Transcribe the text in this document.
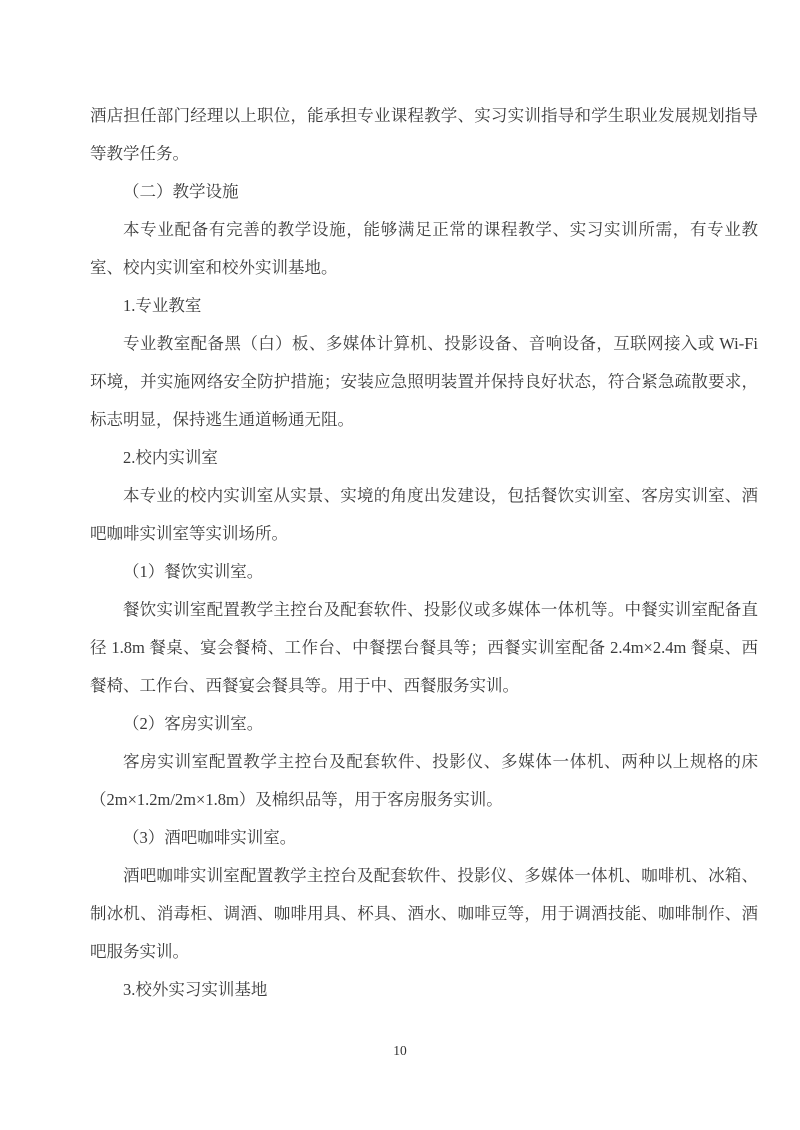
酒店担任部门经理以上职位，能承担专业课程教学、实习实训指导和学生职业发展规划指导等教学任务。

（二）教学设施

本专业配备有完善的教学设施，能够满足正常的课程教学、实习实训所需，有专业教室、校内实训室和校外实训基地。

1.专业教室

专业教室配备黑（白）板、多媒体计算机、投影设备、音响设备，互联网接入或 Wi-Fi 环境，并实施网络安全防护措施；安装应急照明装置并保持良好状态，符合紧急疏散要求，标志明显，保持逃生通道畅通无阻。

2.校内实训室

本专业的校内实训室从实景、实境的角度出发建设，包括餐饮实训室、客房实训室、酒吧咖啡实训室等实训场所。

（1）餐饮实训室。

餐饮实训室配置教学主控台及配套软件、投影仪或多媒体一体机等。中餐实训室配备直径 1.8m 餐桌、宴会餐椅、工作台、中餐摆台餐具等；西餐实训室配备 2.4m×2.4m 餐桌、西餐椅、工作台、西餐宴会餐具等。用于中、西餐服务实训。

（2）客房实训室。

客房实训室配置教学主控台及配套软件、投影仪、多媒体一体机、两种以上规格的床（2m×1.2m/2m×1.8m）及棉织品等，用于客房服务实训。

（3）酒吧咖啡实训室。

酒吧咖啡实训室配置教学主控台及配套软件、投影仪、多媒体一体机、咖啡机、冰箱、制冰机、消毒柜、调酒、咖啡用具、杯具、酒水、咖啡豆等，用于调酒技能、咖啡制作、酒吧服务实训。

3.校外实习实训基地

10
